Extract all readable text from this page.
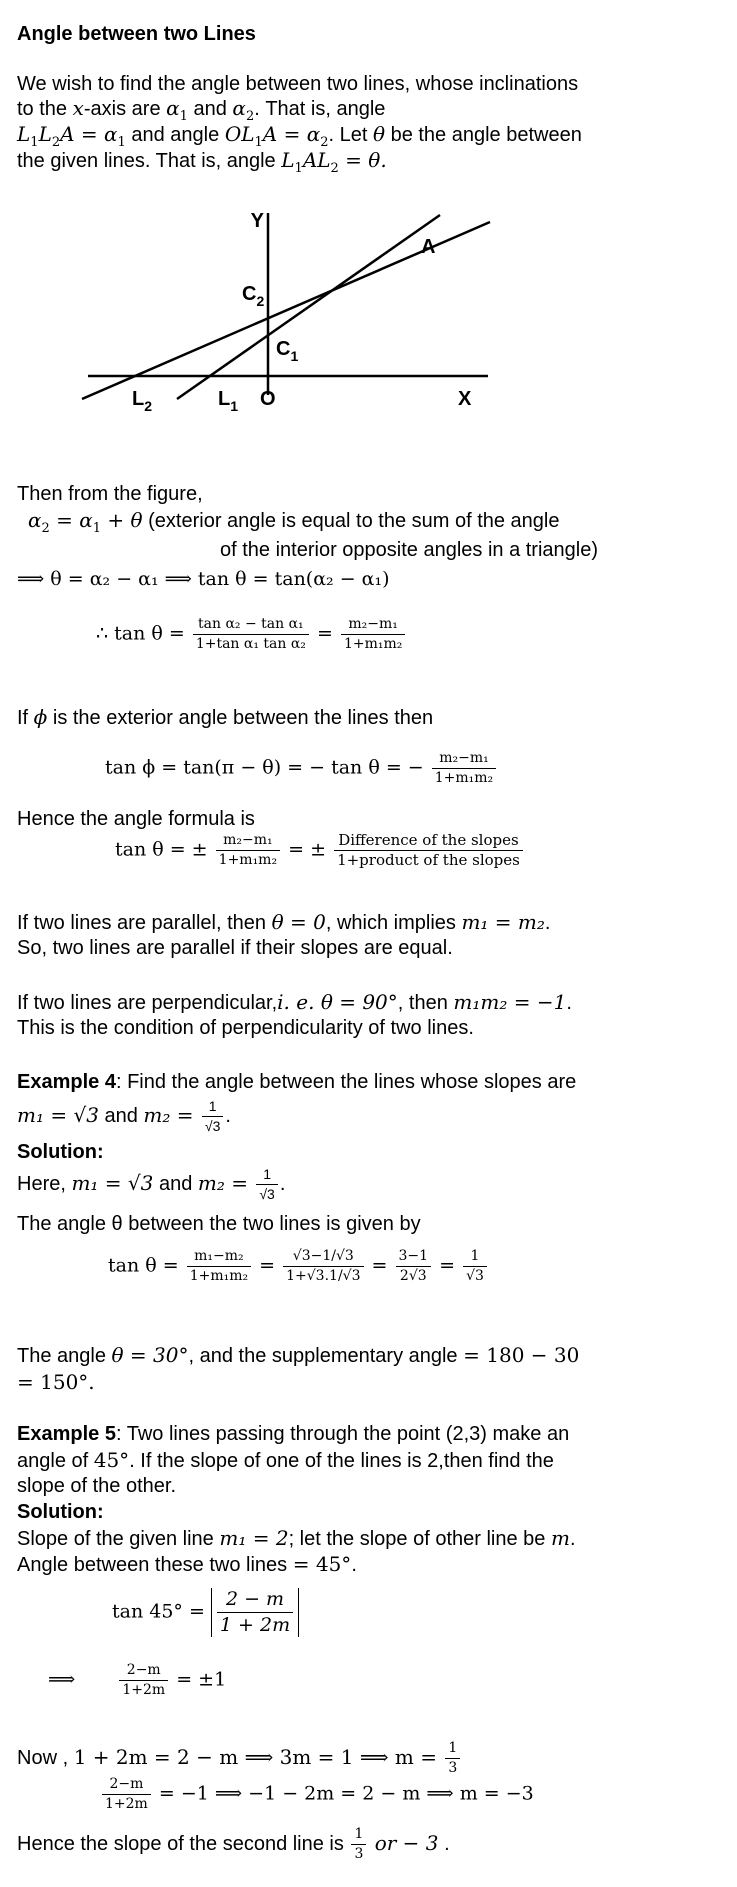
Angle between two Lines
We wish to find the angle between two lines, whose inclinations
to the x-axis are $\alpha_1$ and $\alpha_2$. That is, angle
$L_1L_2A = \alpha_1$ and angle $OL_1A = \alpha_2$. Let θ be the angle between
the given lines. That is, angle $L_1AL_2 = \theta$.
Y
X
O
A
$C_2$
$C_1$
$L_2$	$L_1$
Then from the figure,
$\alpha_2 = \alpha_1 + \theta$ (exterior angle is equal to the sum of the angle
of the interior opposite angles in a triangle)
⟹ θ = α₂ − α₁ ⟹ tan θ = tan(α₂ − α₁)
∴ $\tan \theta = \frac{\text{tan α₂ − tan α₁}}{\text{1+tan α₁ tan α₂}} = \frac{\text{m₂−m₁}}{\text{1+m₁m₂}}$
If ϕ is the exterior angle between the lines then
tan ϕ = tan(π − θ) = − tan θ = − $\frac{\text{m₂−m₁}}{\text{1+m₁m₂}}$
Hence the angle formula is
tan θ = ± $\frac{\text{m₂−m₁}}{\text{1+m₁m₂}}$ = ± $\frac{\text{Difference of the slopes}}{\text{1+product of the slopes}}$
If two lines are parallel, then θ = 0, which implies m₁ = m₂.
So, two lines are parallel if their slopes are equal.
If two lines are perpendicular,i. e. θ = 90°, then m₁m₂ = −1.
This is the condition of perpendicularity of two lines.
Example 4: Find the angle between the lines whose slopes are
m₁ = √3 and $m_2 = \frac{1}{√3}$ .
Solution:
Here, m₁ = √3 and $m_2 = \frac{1}{√3}$ .
The angle θ between the two lines is given by
$\tan \theta = \frac{\text{m₁−m₂}}{\text{1+m₁m₂}} = \frac{√3-1/√3}{1+√3.1/√3} = \frac{3-1}{2√3} = \frac{1}{√3}$
The angle θ = 30°, and the supplementary angle = 180 − 30
= 150°.
Example 5: Two lines passing through the point (2,3) make an
angle of 45°. If the slope of one of the lines is 2,then find the
slope of the other.
Solution:
Slope of the given line m₁ = 2; let the slope of other line be m.
Angle between these two lines = 45°.
$\tan 45^\circ = \frac{2 - m}{1 + 2m}$
⟹	$\frac{2-m}{1+2m} = \pm 1$
Now , 1 + 2m = 2 − m ⟹ 3m = 1 ⟹ $m = \frac{1}{3}$
$\frac{2-m}{1+2m} = -1$ ⟹ −1 − 2m = 2 − m ⟹ m = −3
Hence the slope of the second line is $\frac{1}{3}$ or − 3 .
